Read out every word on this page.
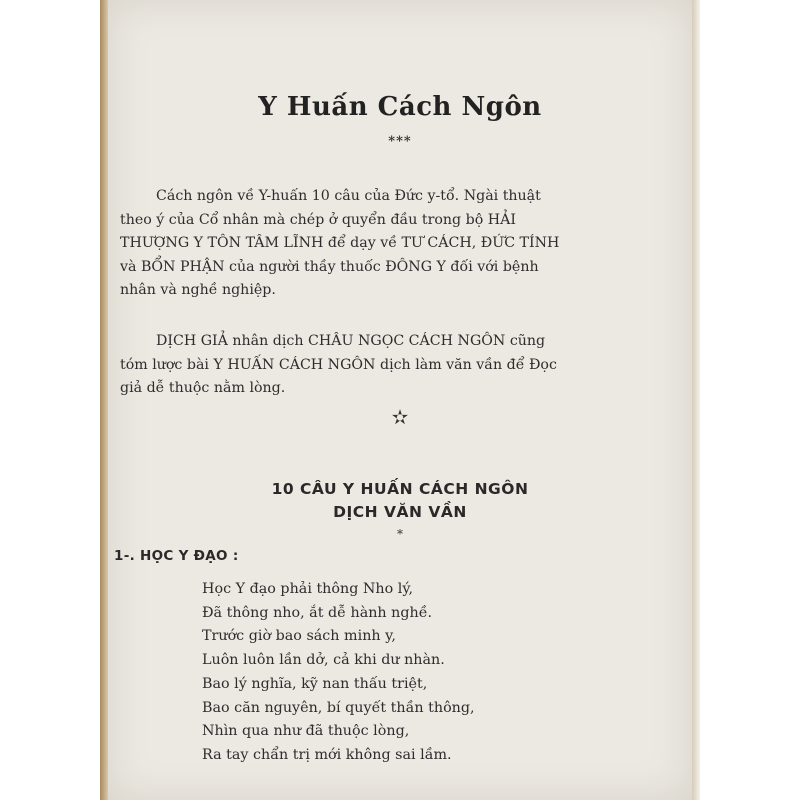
Y Huấn Cách Ngôn
***

Cách ngôn về Y-huấn 10 câu của Đức y-tổ. Ngài thuật

theo ý của Cổ nhân mà chép ở quyển đầu trong bộ HẢI

THƯỢNG Y TÔN TÂM LĨNH để dạy về TƯ CÁCH, ĐỨC TÍNH

và BỔN PHẬN của người thầy thuốc ĐÔNG Y đối với bệnh

nhân và nghề nghiệp.

DỊCH GIẢ nhân dịch CHÂU NGỌC CÁCH NGÔN cũng

tóm lược bài Y HUẤN CÁCH NGÔN dịch làm văn vần để Đọc

giả dễ thuộc nằm lòng.

✫
10 CÂU Y HUẤN CÁCH NGÔN
DỊCH VĂN VẦN
*
1-. HỌC Y ĐẠO :
Học Y đạo phải thông Nho lý,
Đã thông nho, ắt dễ hành nghề.
Trước giờ bao sách minh y,
Luôn luôn lần dở, cả khi dư nhàn.
Bao lý nghĩa, kỹ nan thấu triệt,
Bao căn nguyên, bí quyết thần thông,
Nhìn qua như đã thuộc lòng,
Ra tay chẩn trị mới không sai lầm.
